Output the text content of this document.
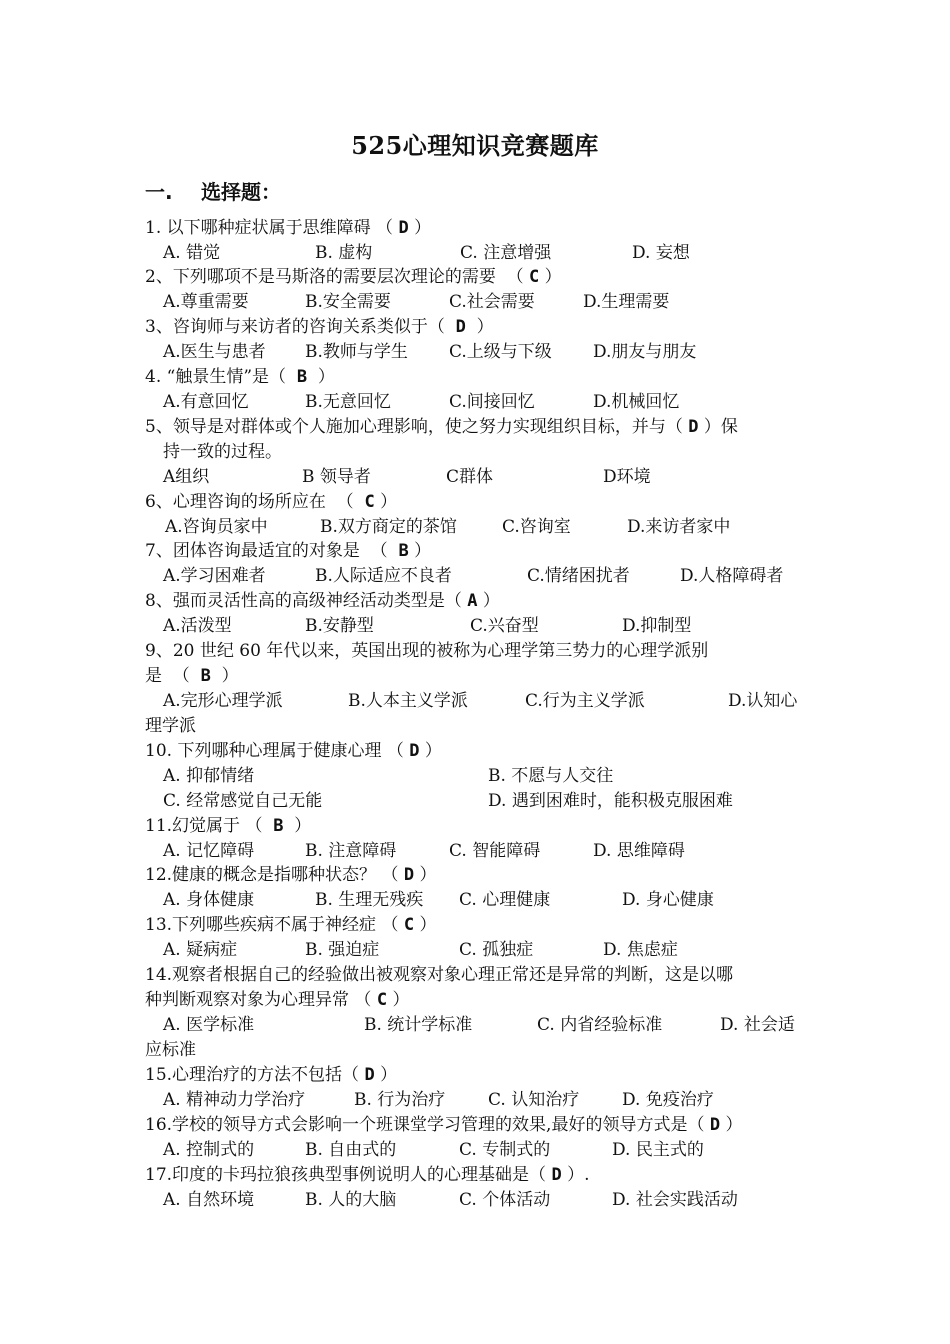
525心理知识竞赛题库
一. 选择题：
1. 以下哪种症状属于思维障碍 （ D ）
A. 错觉	B. 虚构	C. 注意增强	D. 妄想
2、下列哪项不是马斯洛的需要层次理论的需要  （ C ）
A.尊重需要	B.安全需要	C.社会需要	D.生理需要
3、咨询师与来访者的咨询关系类似于（  D  ）
A.医生与患者 B.教师与学生 C.上级与下级 D.朋友与朋友
4. “触景生情”是（  B  ）
A.有意回忆	B.无意回忆	C.间接回忆	D.机械回忆
5、领导是对群体或个人施加心理影响，使之努力实现组织目标，并与（ D ）保
持一致的过程。
A组织	B 领导者	C群体	D环境
6、心理咨询的场所应在  （  C ）
A.咨询员家中	B.双方商定的茶馆	C.咨询室	D.来访者家中
7、团体咨询最适宜的对象是  （  B ）
A.学习困难者	B.人际适应不良者	C.情绪困扰者	D.人格障碍者
8、强而灵活性高的高级神经活动类型是（ A ）
A.活泼型	B.安静型	C.兴奋型	D.抑制型
9、20 世纪 60 年代以来，英国出现的被称为心理学第三势力的心理学派别
是  （  B  ）
A.完形心理学派	B.人本主义学派	C.行为主义学派	D.认知心
理学派
10. 下列哪种心理属于健康心理 （ D ）
A. 抑郁情绪	B. 不愿与人交往
C. 经常感觉自己无能	D. 遇到困难时，能积极克服困难
11.幻觉属于 （  B  ）
A. 记忆障碍	B. 注意障碍	C. 智能障碍	D. 思维障碍
12.健康的概念是指哪种状态？ （ D ）
A. 身体健康	B. 生理无残疾 C. 心理健康	D. 身心健康
13.下列哪些疾病不属于神经症 （ C ）
A. 疑病症	B. 强迫症	C. 孤独症	D. 焦虑症
14.观察者根据自己的经验做出被观察对象心理正常还是异常的判断，这是以哪
种判断观察对象为心理异常 （ C ）
A. 医学标准	B. 统计学标准	C. 内省经验标准	D. 社会适
应标准
15.心理治疗的方法不包括（ D ）
A. 精神动力学治疗	B. 行为治疗	C. 认知治疗	D. 免疫治疗
16.学校的领导方式会影响一个班课堂学习管理的效果,最好的领导方式是（ D ）
A. 控制式的	B. 自由式的	C. 专制式的	D. 民主式的
17.印度的卡玛拉狼孩典型事例说明人的心理基础是（ D ）.
A. 自然环境	B. 人的大脑	C. 个体活动	D. 社会实践活动
